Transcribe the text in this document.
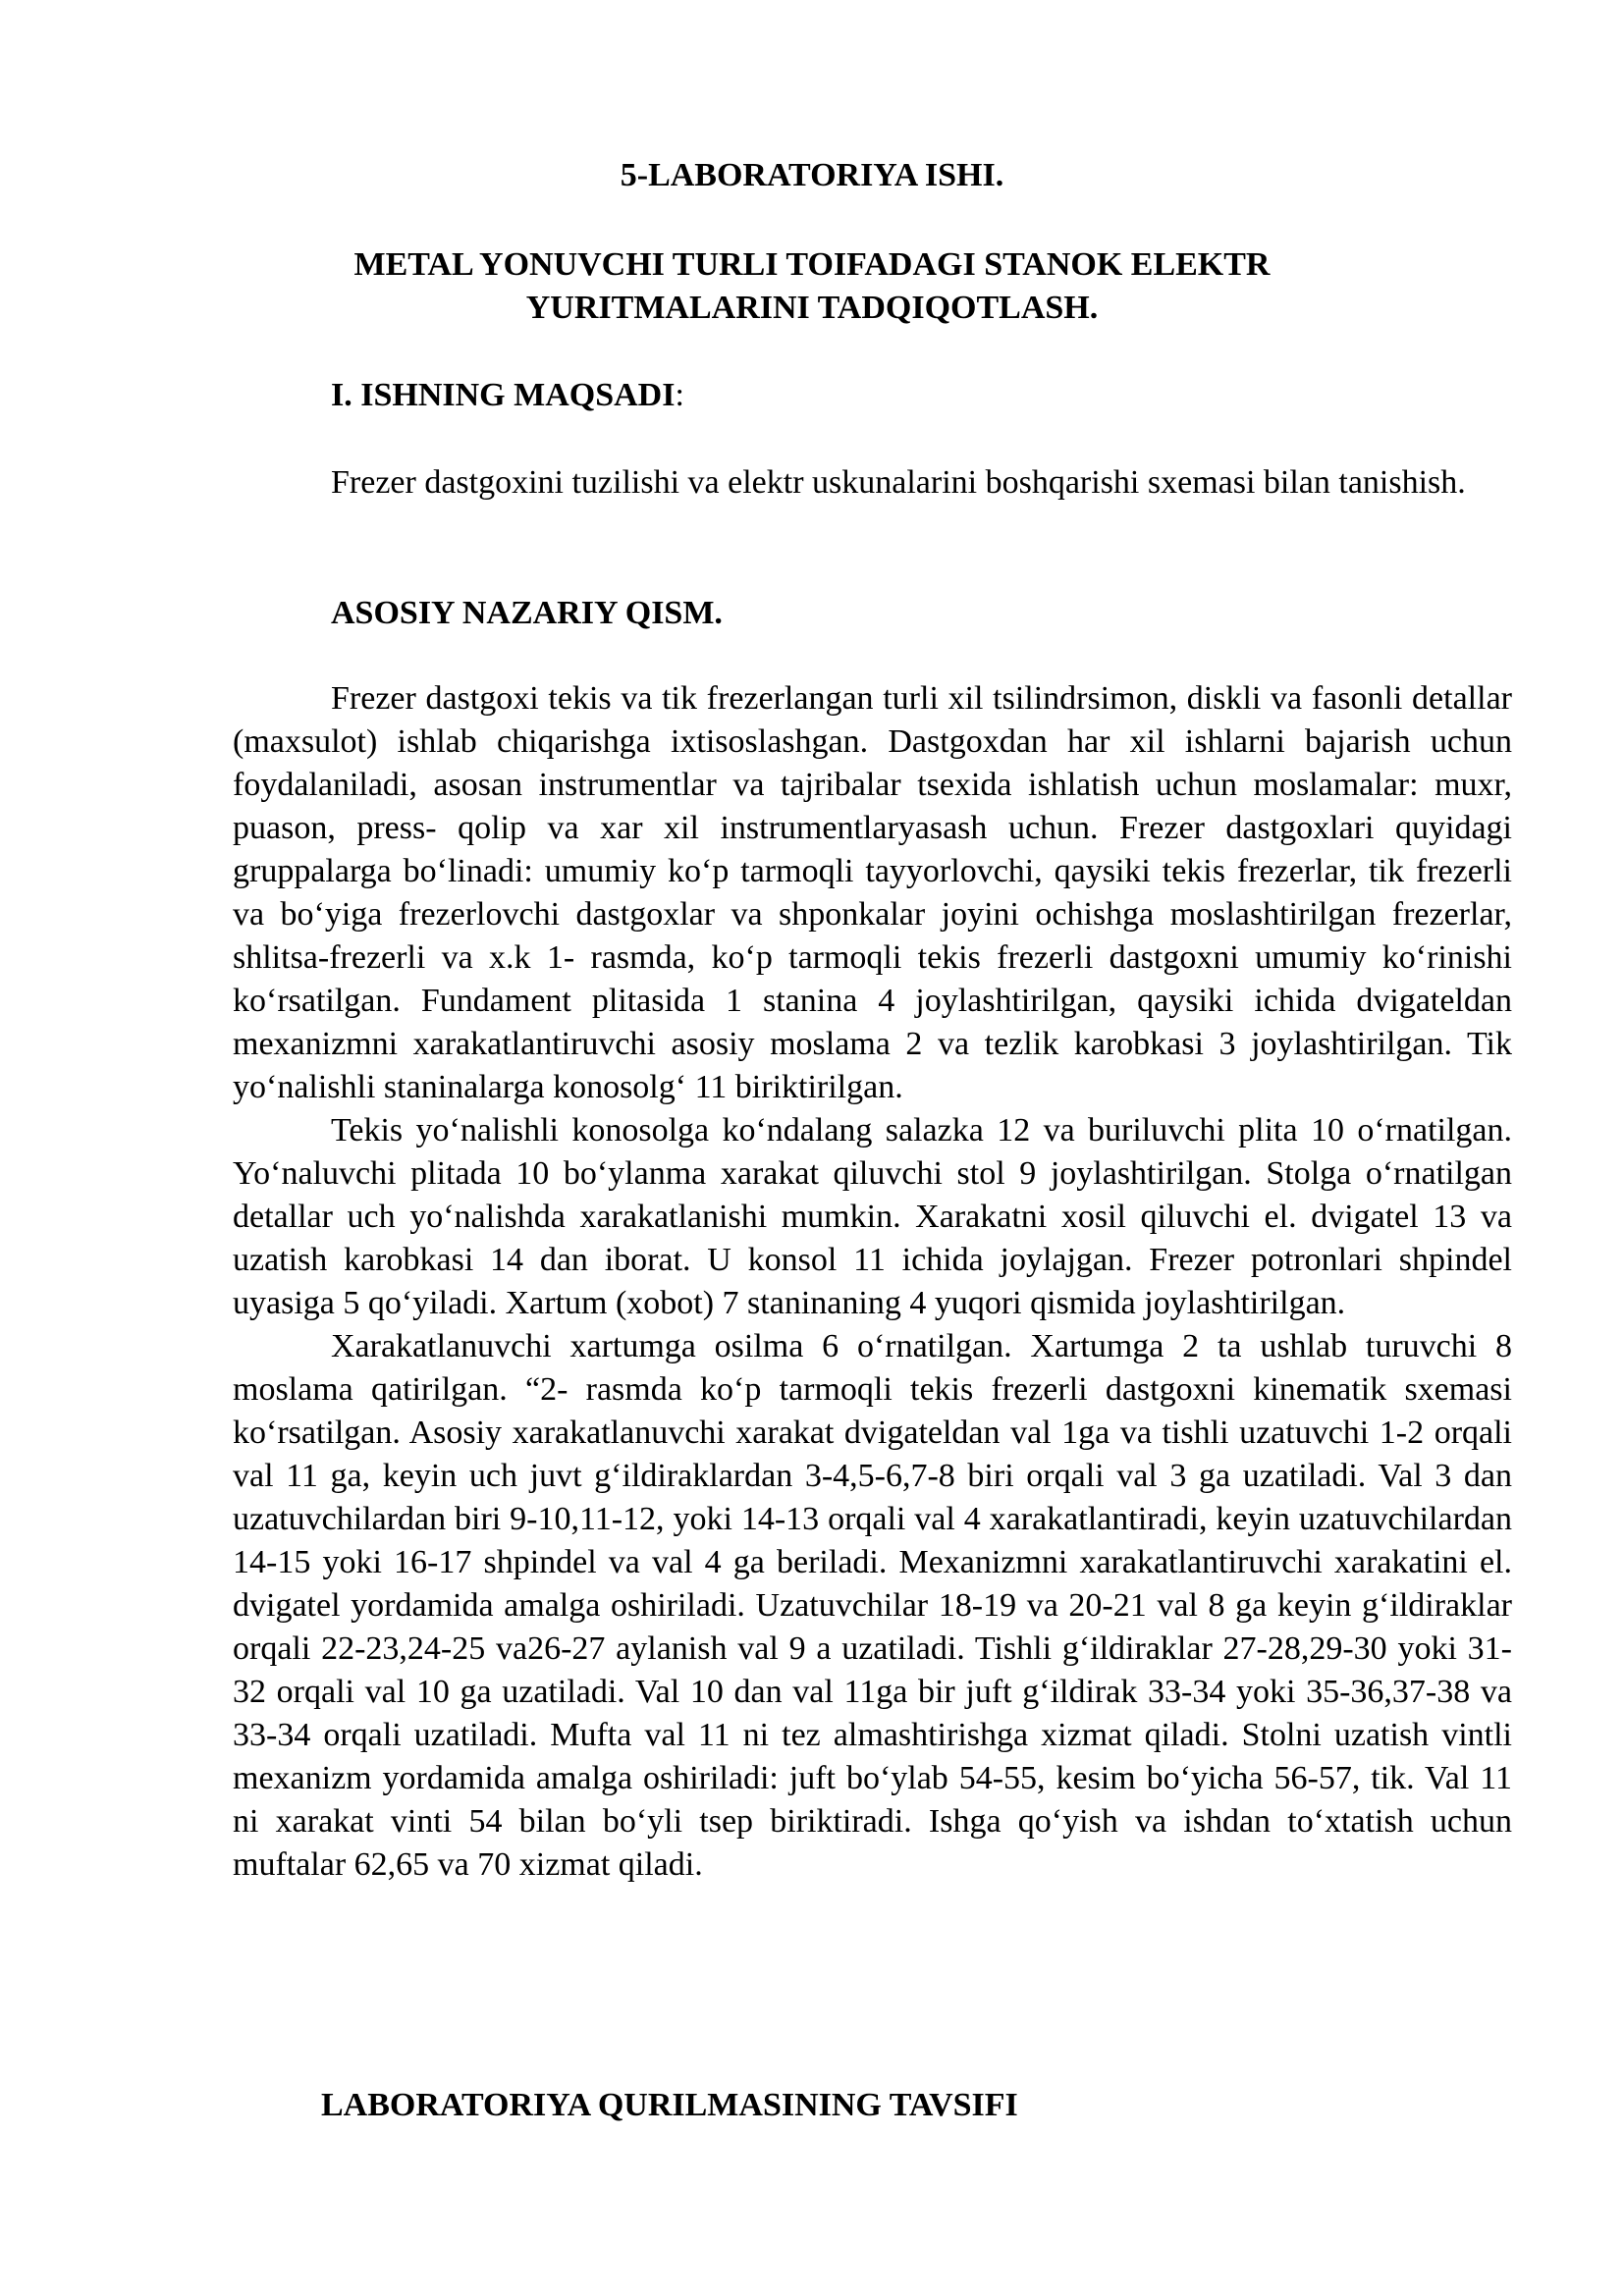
5-LABORATORIYA ISHI.
METAL YONUVCHI TURLI TOIFADAGI STANOK ELEKTR
YURITMALARINI TADQIQOTLASH.
I. ISHNING MAQSADI:

Frezer dastgoxini tuzilishi va elektr uskunalarini boshqarishi sxemasi bilan tanishish.

ASOSIY NAZARIY QISM.

Frezer dastgoxi tekis va tik frezerlangan turli xil tsilindrsimon, diskli va fasonli detallar (maxsulot) ishlab chiqarishga ixtisoslashgan. Dastgoxdan har xil ishlarni bajarish uchun foydalaniladi, asosan instrumentlar va tajribalar tsexida ishlatish uchun moslamalar: muxr, puason, press- qolip va xar xil instrumentlaryasash uchun. Frezer dastgoxlari quyidagi gruppalarga bo‘linadi: umumiy ko‘p tarmoqli tayyorlovchi, qaysiki tekis frezerlar, tik frezerli va bo‘yiga frezerlovchi dastgoxlar va shponkalar joyini ochishga moslashtirilgan frezerlar, shlitsa-frezerli va x.k 1- rasmda, ko‘p tarmoqli tekis frezerli dastgoxni umumiy ko‘rinishi ko‘rsatilgan. Fundament plitasida 1 stanina 4 joylashtirilgan, qaysiki ichida dvigateldan mexanizmni xarakatlantiruvchi asosiy moslama 2 va tezlik karobkasi 3 joylashtirilgan. Tik yo‘nalishli staninalarga konosolg‘ 11 biriktirilgan.

Tekis yo‘nalishli konosolga ko‘ndalang salazka 12 va buriluvchi plita 10 o‘rnatilgan. Yo‘naluvchi plitada 10 bo‘ylanma xarakat qiluvchi stol 9 joylashtirilgan. Stolga o‘rnatilgan detallar uch yo‘nalishda xarakatlanishi mumkin. Xarakatni xosil qiluvchi el. dvigatel 13 va uzatish karobkasi 14 dan iborat. U konsol 11 ichida joylajgan. Frezer potronlari shpindel uyasiga 5 qo‘yiladi. Xartum (xobot) 7 staninaning 4 yuqori qismida joylashtirilgan.

Xarakatlanuvchi xartumga osilma 6 o‘rnatilgan. Xartumga 2 ta ushlab turuvchi 8 moslama qatirilgan. “2- rasmda ko‘p tarmoqli tekis frezerli dastgoxni kinematik sxemasi ko‘rsatilgan. Asosiy xarakatlanuvchi xarakat dvigateldan val 1ga va tishli uzatuvchi 1-2 orqali val 11 ga, keyin uch juvt g‘ildiraklardan 3-4,5-6,7-8 biri orqali val 3 ga uzatiladi. Val 3 dan uzatuvchilardan biri 9-10,11-12, yoki 14-13 orqali val 4 xarakatlantiradi, keyin uzatuvchilardan 14-15 yoki 16-17 shpindel va val 4 ga beriladi. Mexanizmni xarakatlantiruvchi xarakatini el. dvigatel yordamida amalga oshiriladi. Uzatuvchilar 18-19 va 20-21 val 8 ga keyin g‘ildiraklar orqali 22-23,24-25 va26-27 aylanish val 9 a uzatiladi. Tishli g‘ildiraklar 27-28,29-30 yoki 31-32 orqali val 10 ga uzatiladi. Val 10 dan val 11ga bir juft g‘ildirak 33-34 yoki 35-36,37-38 va 33-34 orqali uzatiladi. Mufta val 11 ni tez almashtirishga xizmat qiladi. Stolni uzatish vintli mexanizm yordamida amalga oshiriladi: juft bo‘ylab 54-55, kesim bo‘yicha 56-57, tik. Val 11 ni xarakat vinti 54 bilan bo‘yli tsep biriktiradi. Ishga qo‘yish va ishdan to‘xtatish uchun muftalar 62,65 va 70 xizmat qiladi.

LABORATORIYA QURILMASINING TAVSIFI
